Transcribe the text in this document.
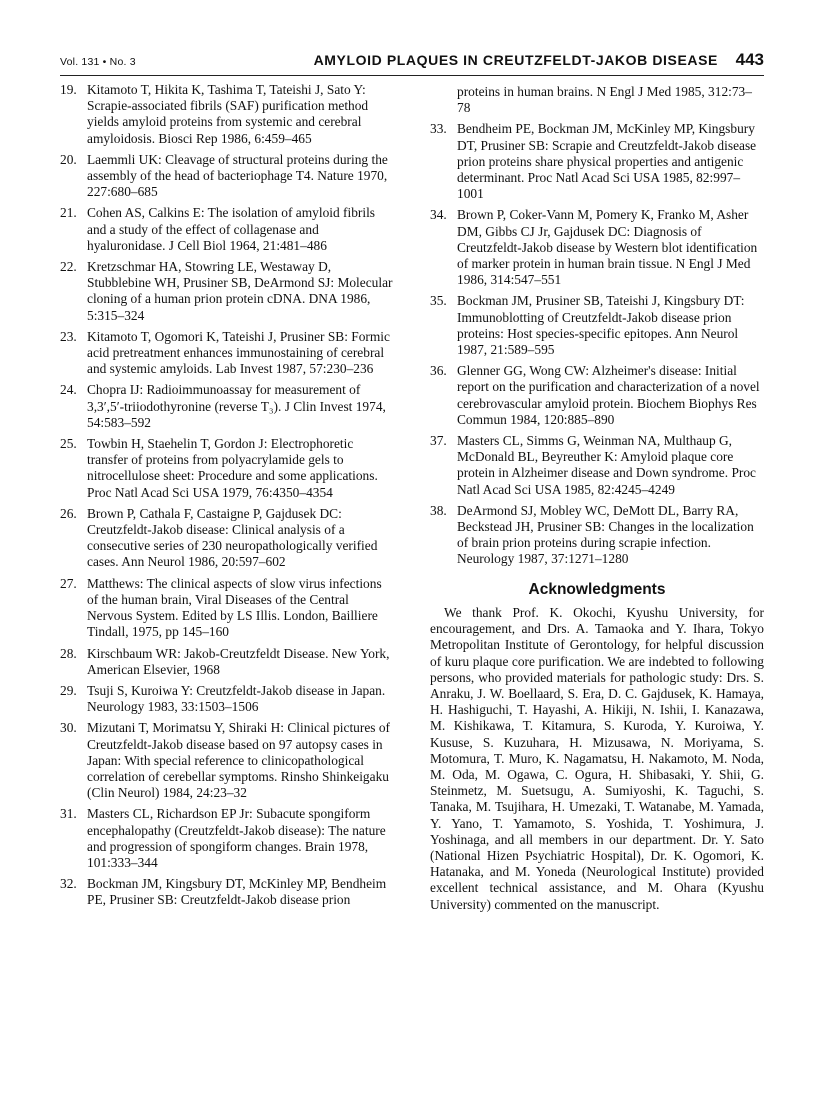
Vol. 131 • No. 3	AMYLOID PLAQUES IN CREUTZFELDT-JAKOB DISEASE 443
19. Kitamoto T, Hikita K, Tashima T, Tateishi J, Sato Y: Scrapie-associated fibrils (SAF) purification method yields amyloid proteins from systemic and cerebral amyloidosis. Biosci Rep 1986, 6:459–465
20. Laemmli UK: Cleavage of structural proteins during the assembly of the head of bacteriophage T4. Nature 1970, 227:680–685
21. Cohen AS, Calkins E: The isolation of amyloid fibrils and a study of the effect of collagenase and hyaluronidase. J Cell Biol 1964, 21:481–486
22. Kretzschmar HA, Stowring LE, Westaway D, Stubblebine WH, Prusiner SB, DeArmond SJ: Molecular cloning of a human prion protein cDNA. DNA 1986, 5:315–324
23. Kitamoto T, Ogomori K, Tateishi J, Prusiner SB: Formic acid pretreatment enhances immunostaining of cerebral and systemic amyloids. Lab Invest 1987, 57:230–236
24. Chopra IJ: Radioimmunoassay for measurement of 3,3′,5′-triiodothyronine (reverse T₃). J Clin Invest 1974, 54:583–592
25. Towbin H, Staehelin T, Gordon J: Electrophoretic transfer of proteins from polyacrylamide gels to nitrocellulose sheet: Procedure and some applications. Proc Natl Acad Sci USA 1979, 76:4350–4354
26. Brown P, Cathala F, Castaigne P, Gajdusek DC: Creutzfeldt-Jakob disease: Clinical analysis of a consecutive series of 230 neuropathologically verified cases. Ann Neurol 1986, 20:597–602
27. Matthews: The clinical aspects of slow virus infections of the human brain, Viral Diseases of the Central Nervous System. Edited by LS Illis. London, Bailliere Tindall, 1975, pp 145–160
28. Kirschbaum WR: Jakob-Creutzfeldt Disease. New York, American Elsevier, 1968
29. Tsuji S, Kuroiwa Y: Creutzfeldt-Jakob disease in Japan. Neurology 1983, 33:1503–1506
30. Mizutani T, Morimatsu Y, Shiraki H: Clinical pictures of Creutzfeldt-Jakob disease based on 97 autopsy cases in Japan: With special reference to clinicopathological correlation of cerebellar symptoms. Rinsho Shinkeigaku (Clin Neurol) 1984, 24:23–32
31. Masters CL, Richardson EP Jr: Subacute spongiform encephalopathy (Creutzfeldt-Jakob disease): The nature and progression of spongiform changes. Brain 1978, 101:333–344
32. Bockman JM, Kingsbury DT, McKinley MP, Bendheim PE, Prusiner SB: Creutzfeldt-Jakob disease prion
proteins in human brains. N Engl J Med 1985, 312:73–78
33. Bendheim PE, Bockman JM, McKinley MP, Kingsbury DT, Prusiner SB: Scrapie and Creutzfeldt-Jakob disease prion proteins share physical properties and antigenic determinant. Proc Natl Acad Sci USA 1985, 82:997–1001
34. Brown P, Coker-Vann M, Pomery K, Franko M, Asher DM, Gibbs CJ Jr, Gajdusek DC: Diagnosis of Creutzfeldt-Jakob disease by Western blot identification of marker protein in human brain tissue. N Engl J Med 1986, 314:547–551
35. Bockman JM, Prusiner SB, Tateishi J, Kingsbury DT: Immunoblotting of Creutzfeldt-Jakob disease prion proteins: Host species-specific epitopes. Ann Neurol 1987, 21:589–595
36. Glenner GG, Wong CW: Alzheimer's disease: Initial report on the purification and characterization of a novel cerebrovascular amyloid protein. Biochem Biophys Res Commun 1984, 120:885–890
37. Masters CL, Simms G, Weinman NA, Multhaup G, McDonald BL, Beyreuther K: Amyloid plaque core protein in Alzheimer disease and Down syndrome. Proc Natl Acad Sci USA 1985, 82:4245–4249
38. DeArmond SJ, Mobley WC, DeMott DL, Barry RA, Beckstead JH, Prusiner SB: Changes in the localization of brain prion proteins during scrapie infection. Neurology 1987, 37:1271–1280
Acknowledgments

We thank Prof. K. Okochi, Kyushu University, for encouragement, and Drs. A. Tamaoka and Y. Ihara, Tokyo Metropolitan Institute of Gerontology, for helpful discussion of kuru plaque core purification. We are indebted to following persons, who provided materials for pathologic study: Drs. S. Anraku, J. W. Boellaard, S. Era, D. C. Gajdusek, K. Hamaya, H. Hashiguchi, T. Hayashi, A. Hikiji, N. Ishii, I. Kanazawa, M. Kishikawa, T. Kitamura, S. Kuroda, Y. Kuroiwa, Y. Kususe, S. Kuzuhara, H. Mizusawa, N. Moriyama, S. Motomura, T. Muro, K. Nagamatsu, H. Nakamoto, M. Noda, M. Oda, M. Ogawa, C. Ogura, H. Shibasaki, Y. Shii, G. Steinmetz, M. Suetsugu, A. Sumiyoshi, K. Taguchi, S. Tanaka, M. Tsujihara, H. Umezaki, T. Watanabe, M. Yamada, Y. Yano, T. Yamamoto, S. Yoshida, T. Yoshimura, J. Yoshinaga, and all members in our department. Dr. Y. Sato (National Hizen Psychiatric Hospital), Dr. K. Ogomori, K. Hatanaka, and M. Yoneda (Neurological Institute) provided excellent technical assistance, and M. Ohara (Kyushu University) commented on the manuscript.
